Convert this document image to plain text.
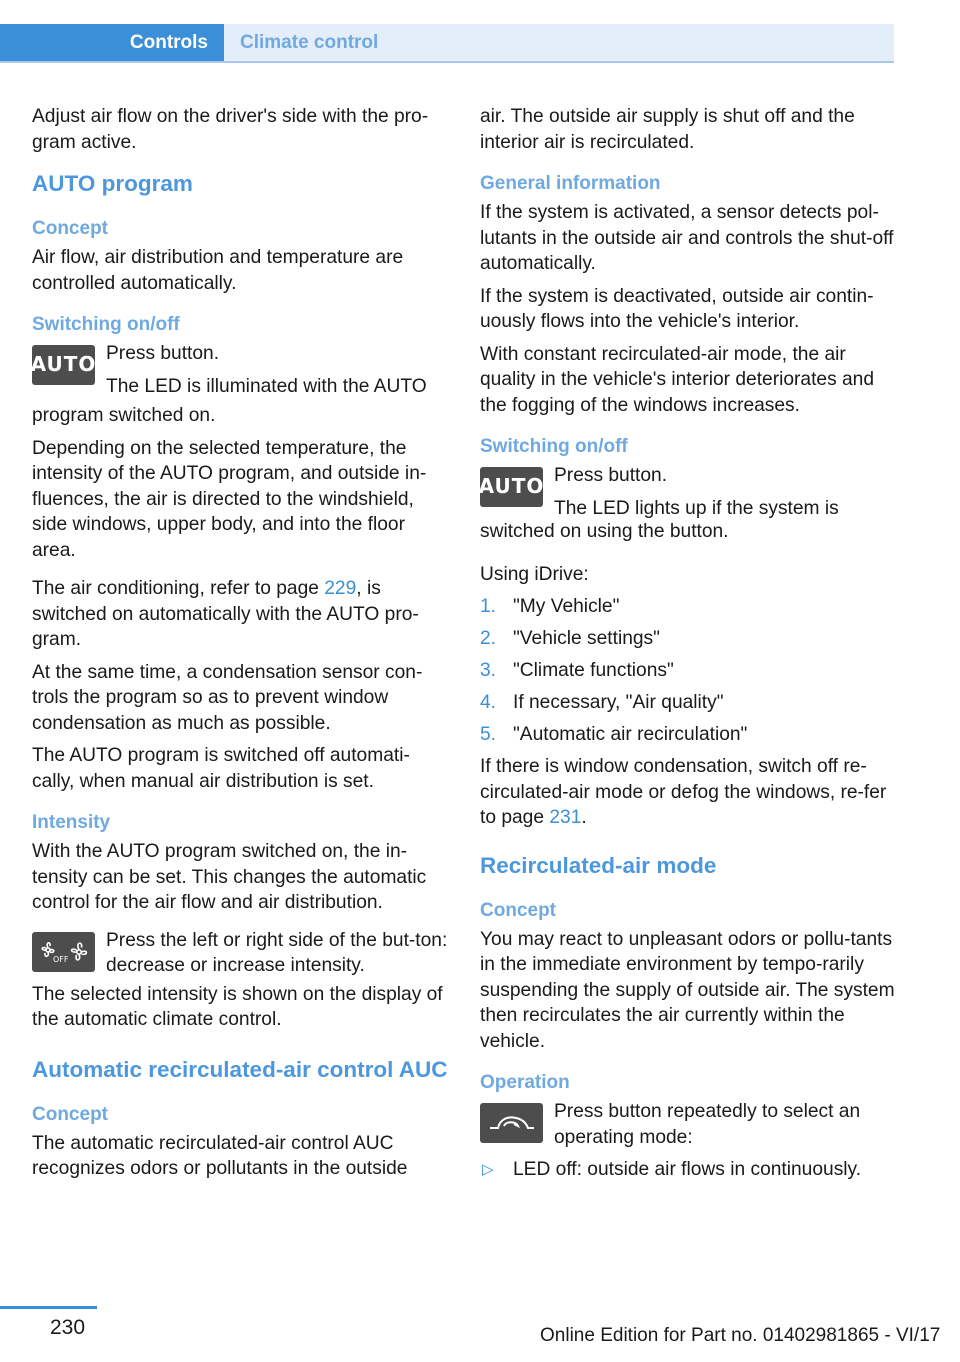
Controls	Climate control

Adjust air flow on the driver's side with the pro‐gram active.

AUTO program
Concept

Air flow, air distribution and temperature are controlled automatically.

Switching on/off
AUTO Press button.

The LED is illuminated with the AUTO

program switched on.

Depending on the selected temperature, the intensity of the AUTO program, and outside in‐fluences, the air is directed to the windshield, side windows, upper body, and into the floor area.

The air conditioning, refer to page 229, is switched on automatically with the AUTO pro‐gram.

At the same time, a condensation sensor con‐trols the program so as to prevent window condensation as much as possible.

The AUTO program is switched off automati‐cally, when manual air distribution is set.

Intensity

With the AUTO program switched on, the in‐tensity can be set. This changes the automatic control for the air flow and air distribution.

OFF

Press the left or right side of the but‐ton: decrease or increase intensity.

The selected intensity is shown on the display of the automatic climate control.

Automatic recirculated-air control AUC
Concept

The automatic recirculated-air control AUC recognizes odors or pollutants in the outside

air. The outside air supply is shut off and the interior air is recirculated.

General information

If the system is activated, a sensor detects pol‐lutants in the outside air and controls the shut‐off automatically.

If the system is deactivated, outside air contin‐uously flows into the vehicle's interior.

With constant recirculated-air mode, the air quality in the vehicle's interior deteriorates and the fogging of the windows increases.

Switching on/off
AUTO Press button.

The LED lights up if the system is

switched on using the button.

Using iDrive:

1. "My Vehicle"
2. "Vehicle settings"
3. "Climate functions"
4. If necessary, "Air quality"
5. "Automatic air recirculation"

If there is window condensation, switch off re‐circulated-air mode or defog the windows, re‐fer to page 231.

Recirculated-air mode
Concept

You may react to unpleasant odors or pollu‐tants in the immediate environment by tempo‐rarily suspending the supply of outside air. The system then recirculates the air currently within the vehicle.

Operation

Press button repeatedly to select an operating mode:

▷ LED off: outside air flows in continuously.
230	Online Edition for Part no. 01402981865 - VI/17
